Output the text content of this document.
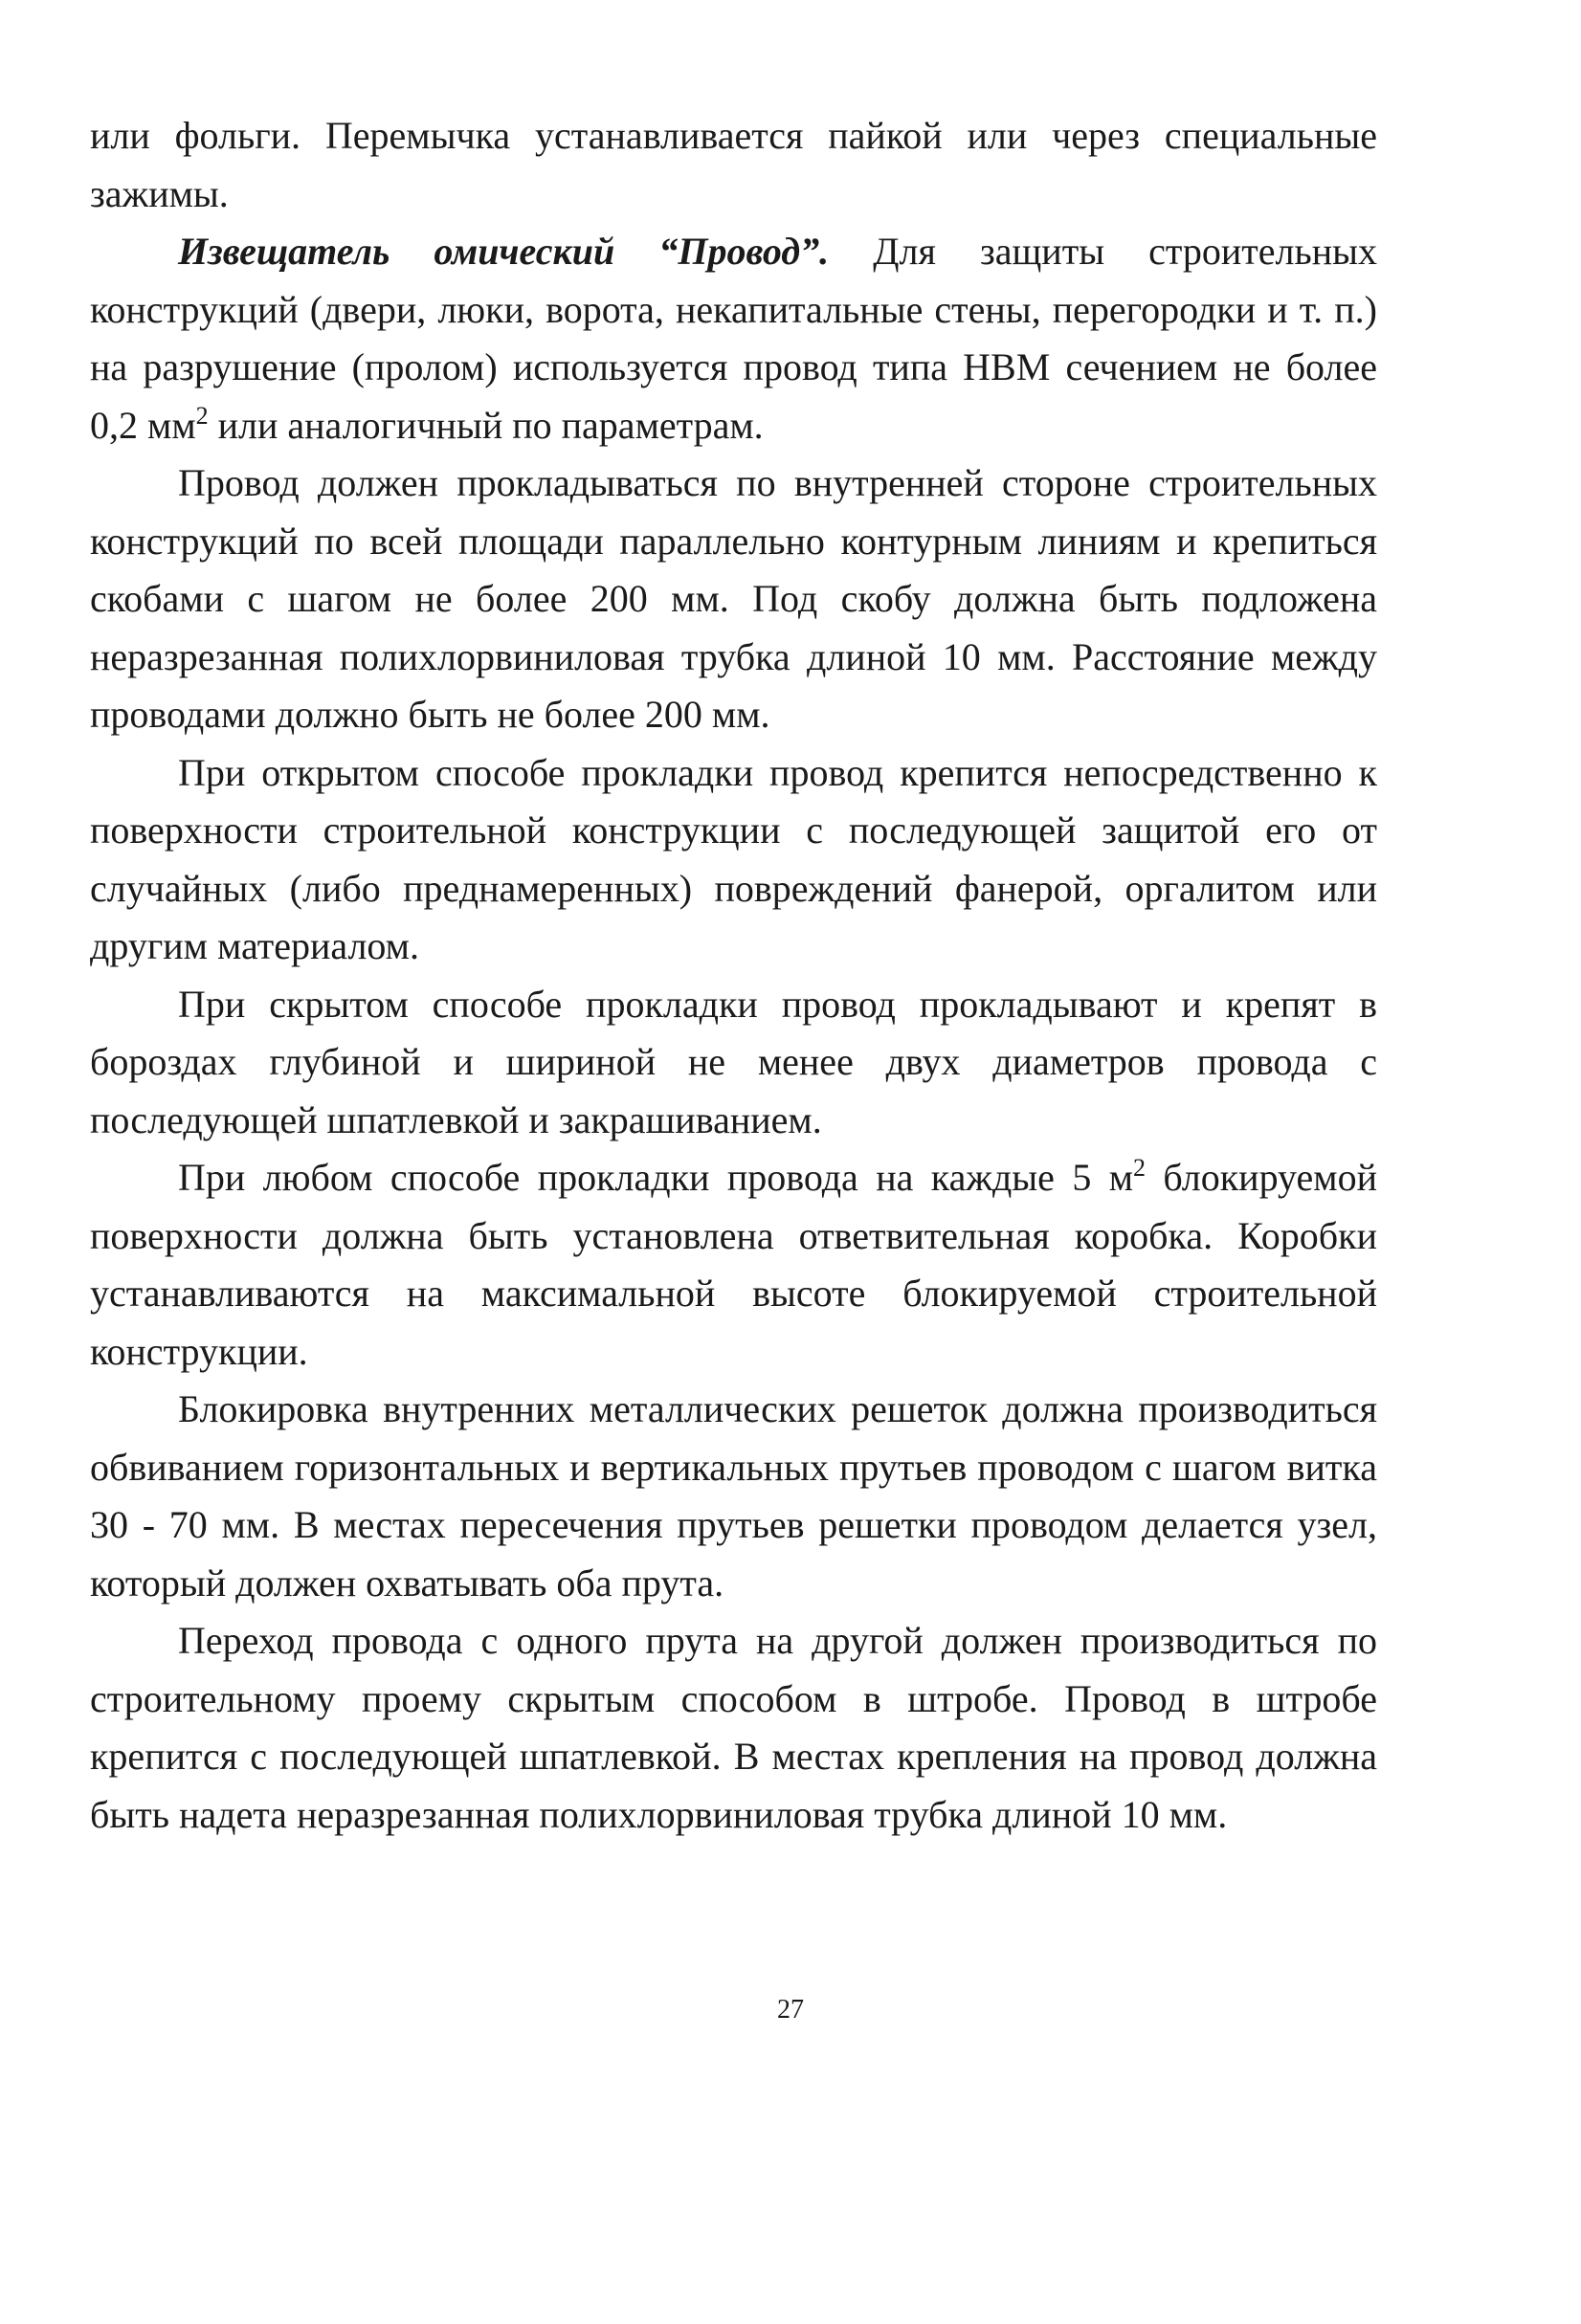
или фольги. Перемычка устанавливается пайкой или через специальные зажимы.

Извещатель омический “Провод”. Для защиты строительных конструкций (двери, люки, ворота, некапитальные стены, перегородки и т. п.) на разрушение (пролом) используется провод типа НВМ сечением не более 0,2 $мм^2$ или аналогичный по параметрам.

Провод должен прокладываться по внутренней стороне строительных конструкций по всей площади параллельно контурным линиям и крепиться скобами с шагом не более 200 мм. Под скобу должна быть подложена неразрезанная полихлорвиниловая трубка длиной 10 мм. Расстояние между проводами должно быть не более 200 мм.

При открытом способе прокладки провод крепится непосредственно к поверхности строительной конструкции с последующей защитой его от случайных (либо преднамеренных) повреждений фанерой, оргалитом или другим материалом.

При скрытом способе прокладки провод прокладывают и крепят в бороздах глубиной и шириной не менее двух диаметров провода с последующей шпатлевкой и закрашиванием.

При любом способе прокладки провода на каждые 5 $м^2$ блокируемой поверхности должна быть установлена ответвительная коробка. Коробки устанавливаются на максимальной высоте блокируемой строительной конструкции.

Блокировка внутренних металлических решеток должна производиться обвиванием горизонтальных и вертикальных прутьев проводом с шагом витка 30 - 70 мм. В местах пересечения прутьев решетки проводом делается узел, который должен охватывать оба прута.

Переход провода с одного прута на другой должен производиться по строительному проему скрытым способом в штробе. Провод в штробе крепится с последующей шпатлевкой. В местах крепления на провод должна быть надета неразрезанная полихлорвиниловая трубка длиной 10 мм.

27
